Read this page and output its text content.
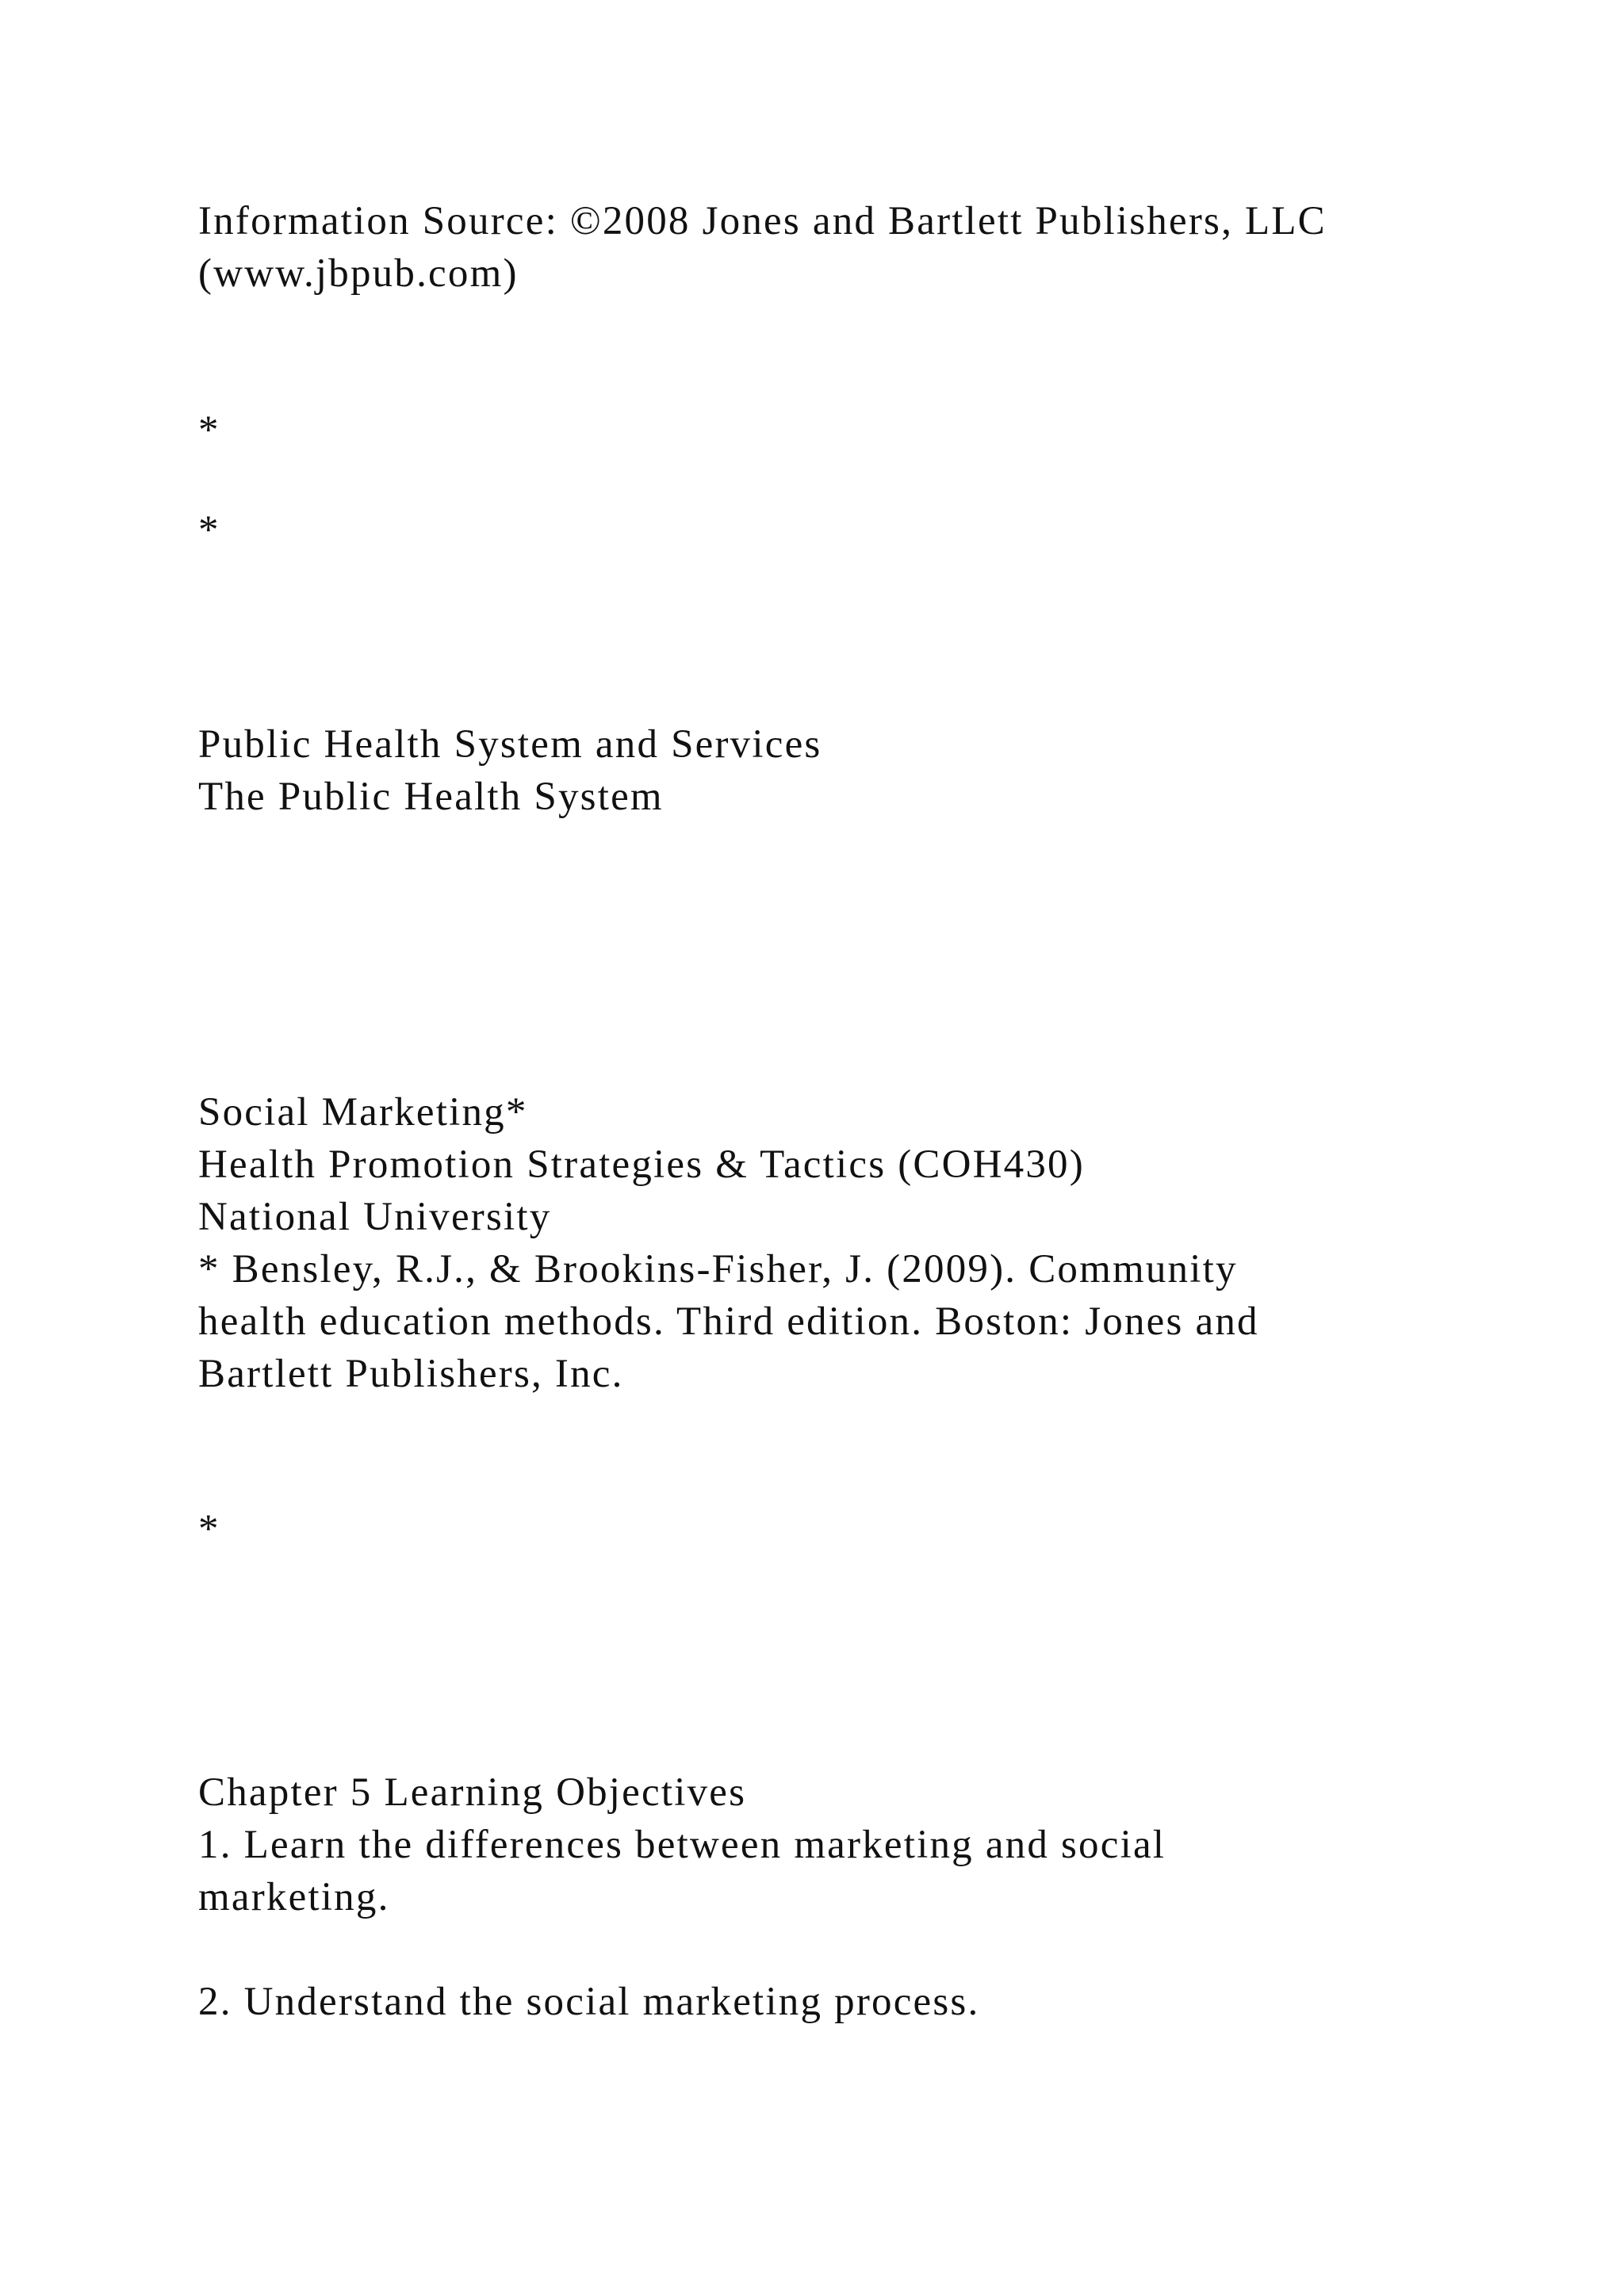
Information Source: ©2008 Jones and Bartlett Publishers, LLC

(www.jbpub.com)

*

*

Public Health System and Services

The Public Health System

Social Marketing*

Health Promotion Strategies & Tactics (COH430)

National University

* Bensley, R.J., & Brookins-Fisher, J. (2009). Community

health education methods. Third edition. Boston: Jones and

Bartlett Publishers, Inc.

*

Chapter 5 Learning Objectives

1. Learn the differences between marketing and social

marketing.

2. Understand the social marketing process.
